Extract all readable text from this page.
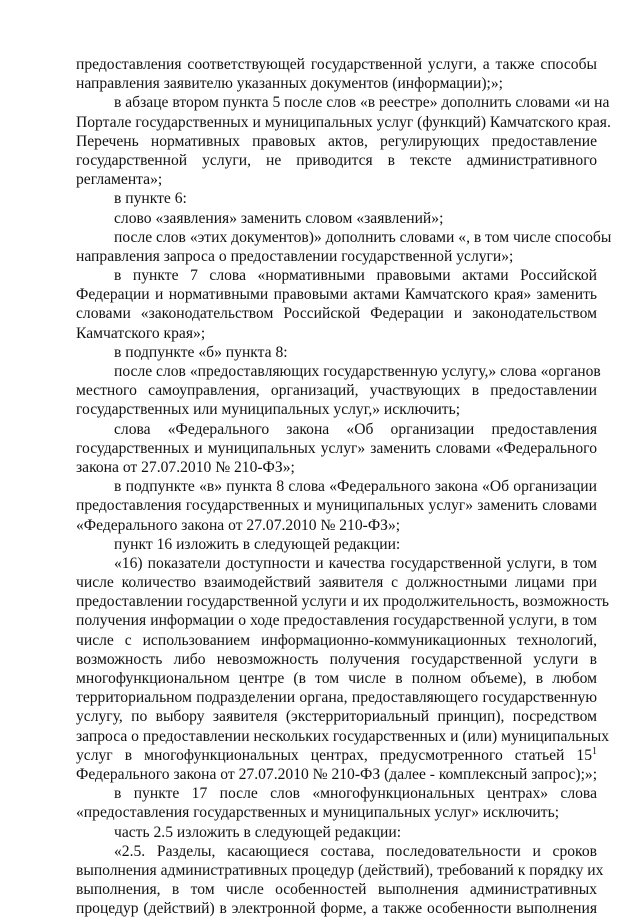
предоставления соответствующей государственной услуги, а также способы
направления заявителю указанных документов (информации);»;
в абзаце втором пункта 5 после слов «в реестре» дополнить словами «и на
Портале государственных и муниципальных услуг (функций) Камчатского края.
Перечень нормативных правовых актов, регулирующих предоставление
государственной услуги, не приводится в тексте административного
регламента»;
в пункте 6:
слово «заявления» заменить словом «заявлений»;
после слов «этих документов)» дополнить словами «, в том числе способы
направления запроса о предоставлении государственной услуги»;
в пункте 7 слова «нормативными правовыми актами Российской
Федерации и нормативными правовыми актами Камчатского края» заменить
словами «законодательством Российской Федерации и законодательством
Камчатского края»;
в подпункте «б» пункта 8:
после слов «предоставляющих государственную услугу,» слова «органов
местного самоуправления, организаций, участвующих в предоставлении
государственных или муниципальных услуг,» исключить;
слова «Федерального закона «Об организации предоставления
государственных и муниципальных услуг» заменить словами «Федерального
закона от 27.07.2010 № 210-ФЗ»;
в подпункте «в» пункта 8 слова «Федерального закона «Об организации
предоставления государственных и муниципальных услуг» заменить словами
«Федерального закона от 27.07.2010 № 210-ФЗ»;
пункт 16 изложить в следующей редакции:
«16) показатели доступности и качества государственной услуги, в том
числе количество взаимодействий заявителя с должностными лицами при
предоставлении государственной услуги и их продолжительность, возможность
получения информации о ходе предоставления государственной услуги, в том
числе с использованием информационно-коммуникационных технологий,
возможность либо невозможность получения государственной услуги в
многофункциональном центре (в том числе в полном объеме), в любом
территориальном подразделении органа, предоставляющего государственную
услугу, по выбору заявителя (экстерриториальный принцип), посредством
запроса о предоставлении нескольких государственных и (или) муниципальных
услуг в многофункциональных центрах, предусмотренного статьей $15^1$
Федерального закона от 27.07.2010 № 210-ФЗ (далее - комплексный запрос);»;
в пункте 17 после слов «многофункциональных центрах» слова
«предоставления государственных и муниципальных услуг» исключить;
часть 2.5 изложить в следующей редакции:
«2.5. Разделы, касающиеся состава, последовательности и сроков
выполнения административных процедур (действий), требований к порядку их
выполнения, в том числе особенностей выполнения административных
процедур (действий) в электронной форме, а также особенности выполнения
